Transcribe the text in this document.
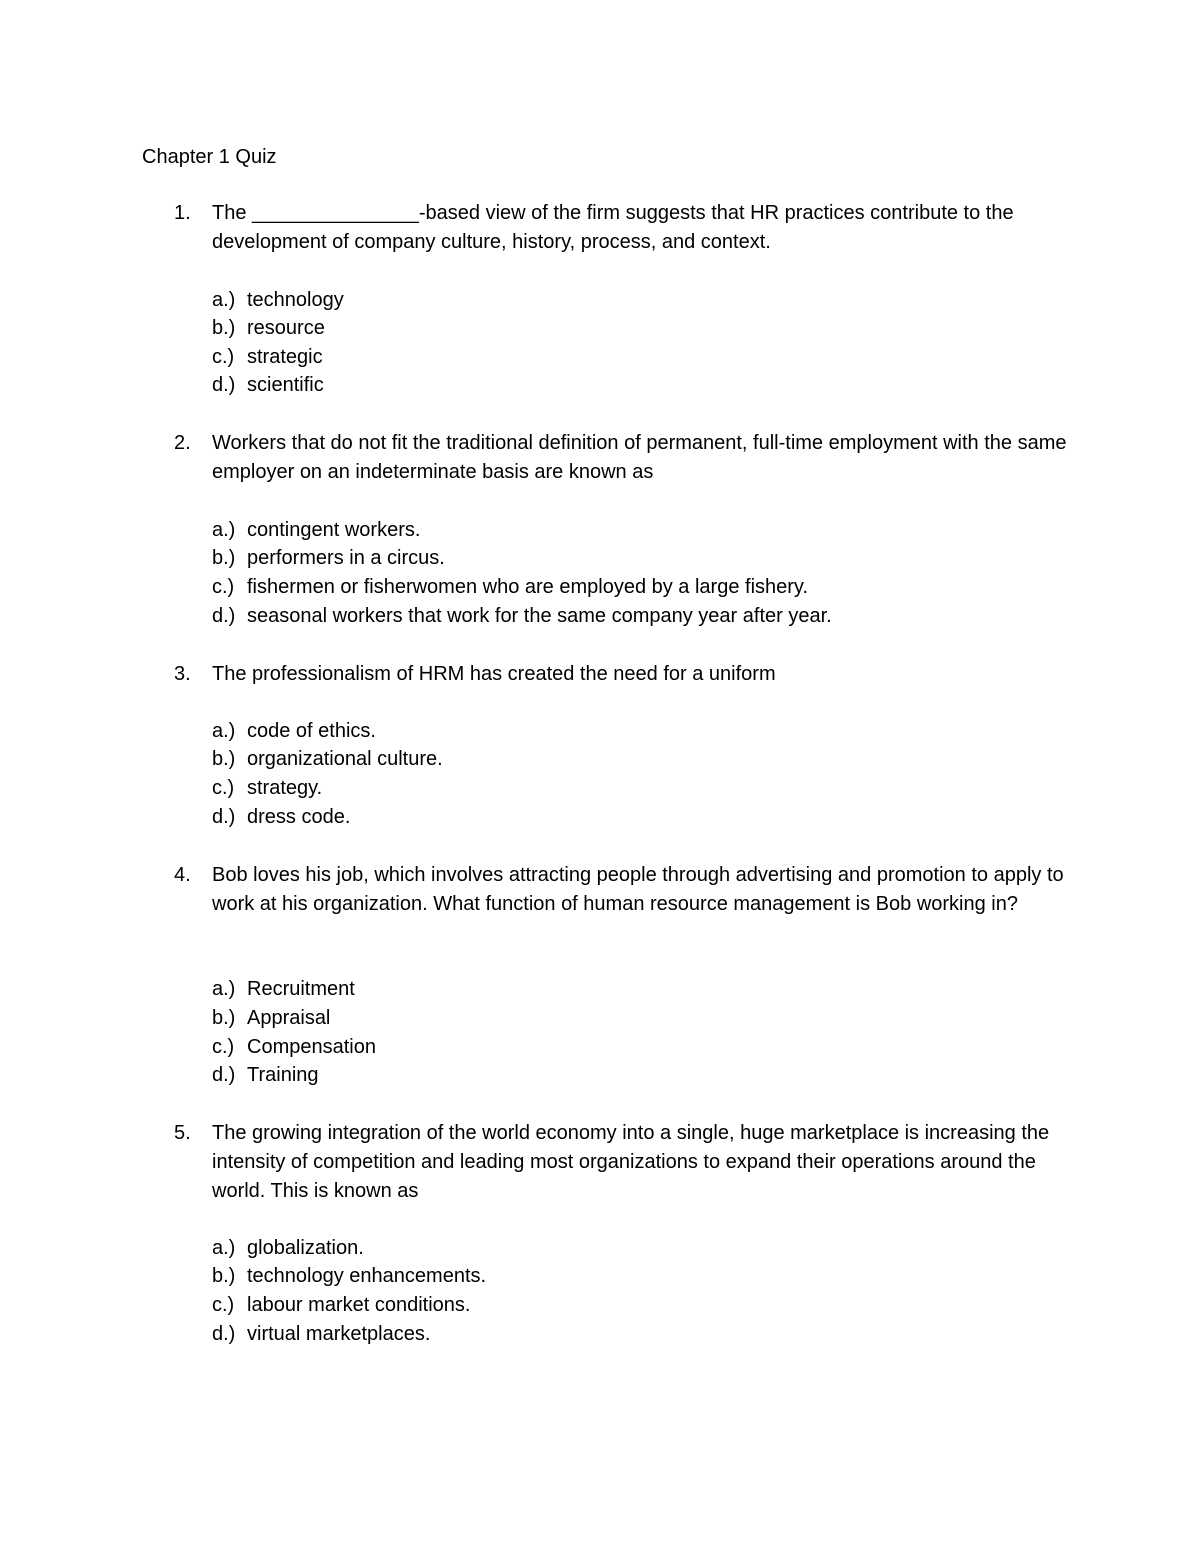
Chapter 1 Quiz
1. The _______________-based view of the firm suggests that HR practices contribute to the development of company culture, history, process, and context.
a.) technology
b.) resource
c.) strategic
d.) scientific
2. Workers that do not fit the traditional definition of permanent, full-time employment with the same employer on an indeterminate basis are known as
a.) contingent workers.
b.) performers in a circus.
c.) fishermen or fisherwomen who are employed by a large fishery.
d.) seasonal workers that work for the same company year after year.
3. The professionalism of HRM has created the need for a uniform
a.) code of ethics.
b.) organizational culture.
c.) strategy.
d.) dress code.
4. Bob loves his job, which involves attracting people through advertising and promotion to apply to work at his organization. What function of human resource management is Bob working in?
a.) Recruitment
b.) Appraisal
c.) Compensation
d.) Training
5. The growing integration of the world economy into a single, huge marketplace is increasing the intensity of competition and leading most organizations to expand their operations around the world. This is known as
a.) globalization.
b.) technology enhancements.
c.) labour market conditions.
d.) virtual marketplaces.
